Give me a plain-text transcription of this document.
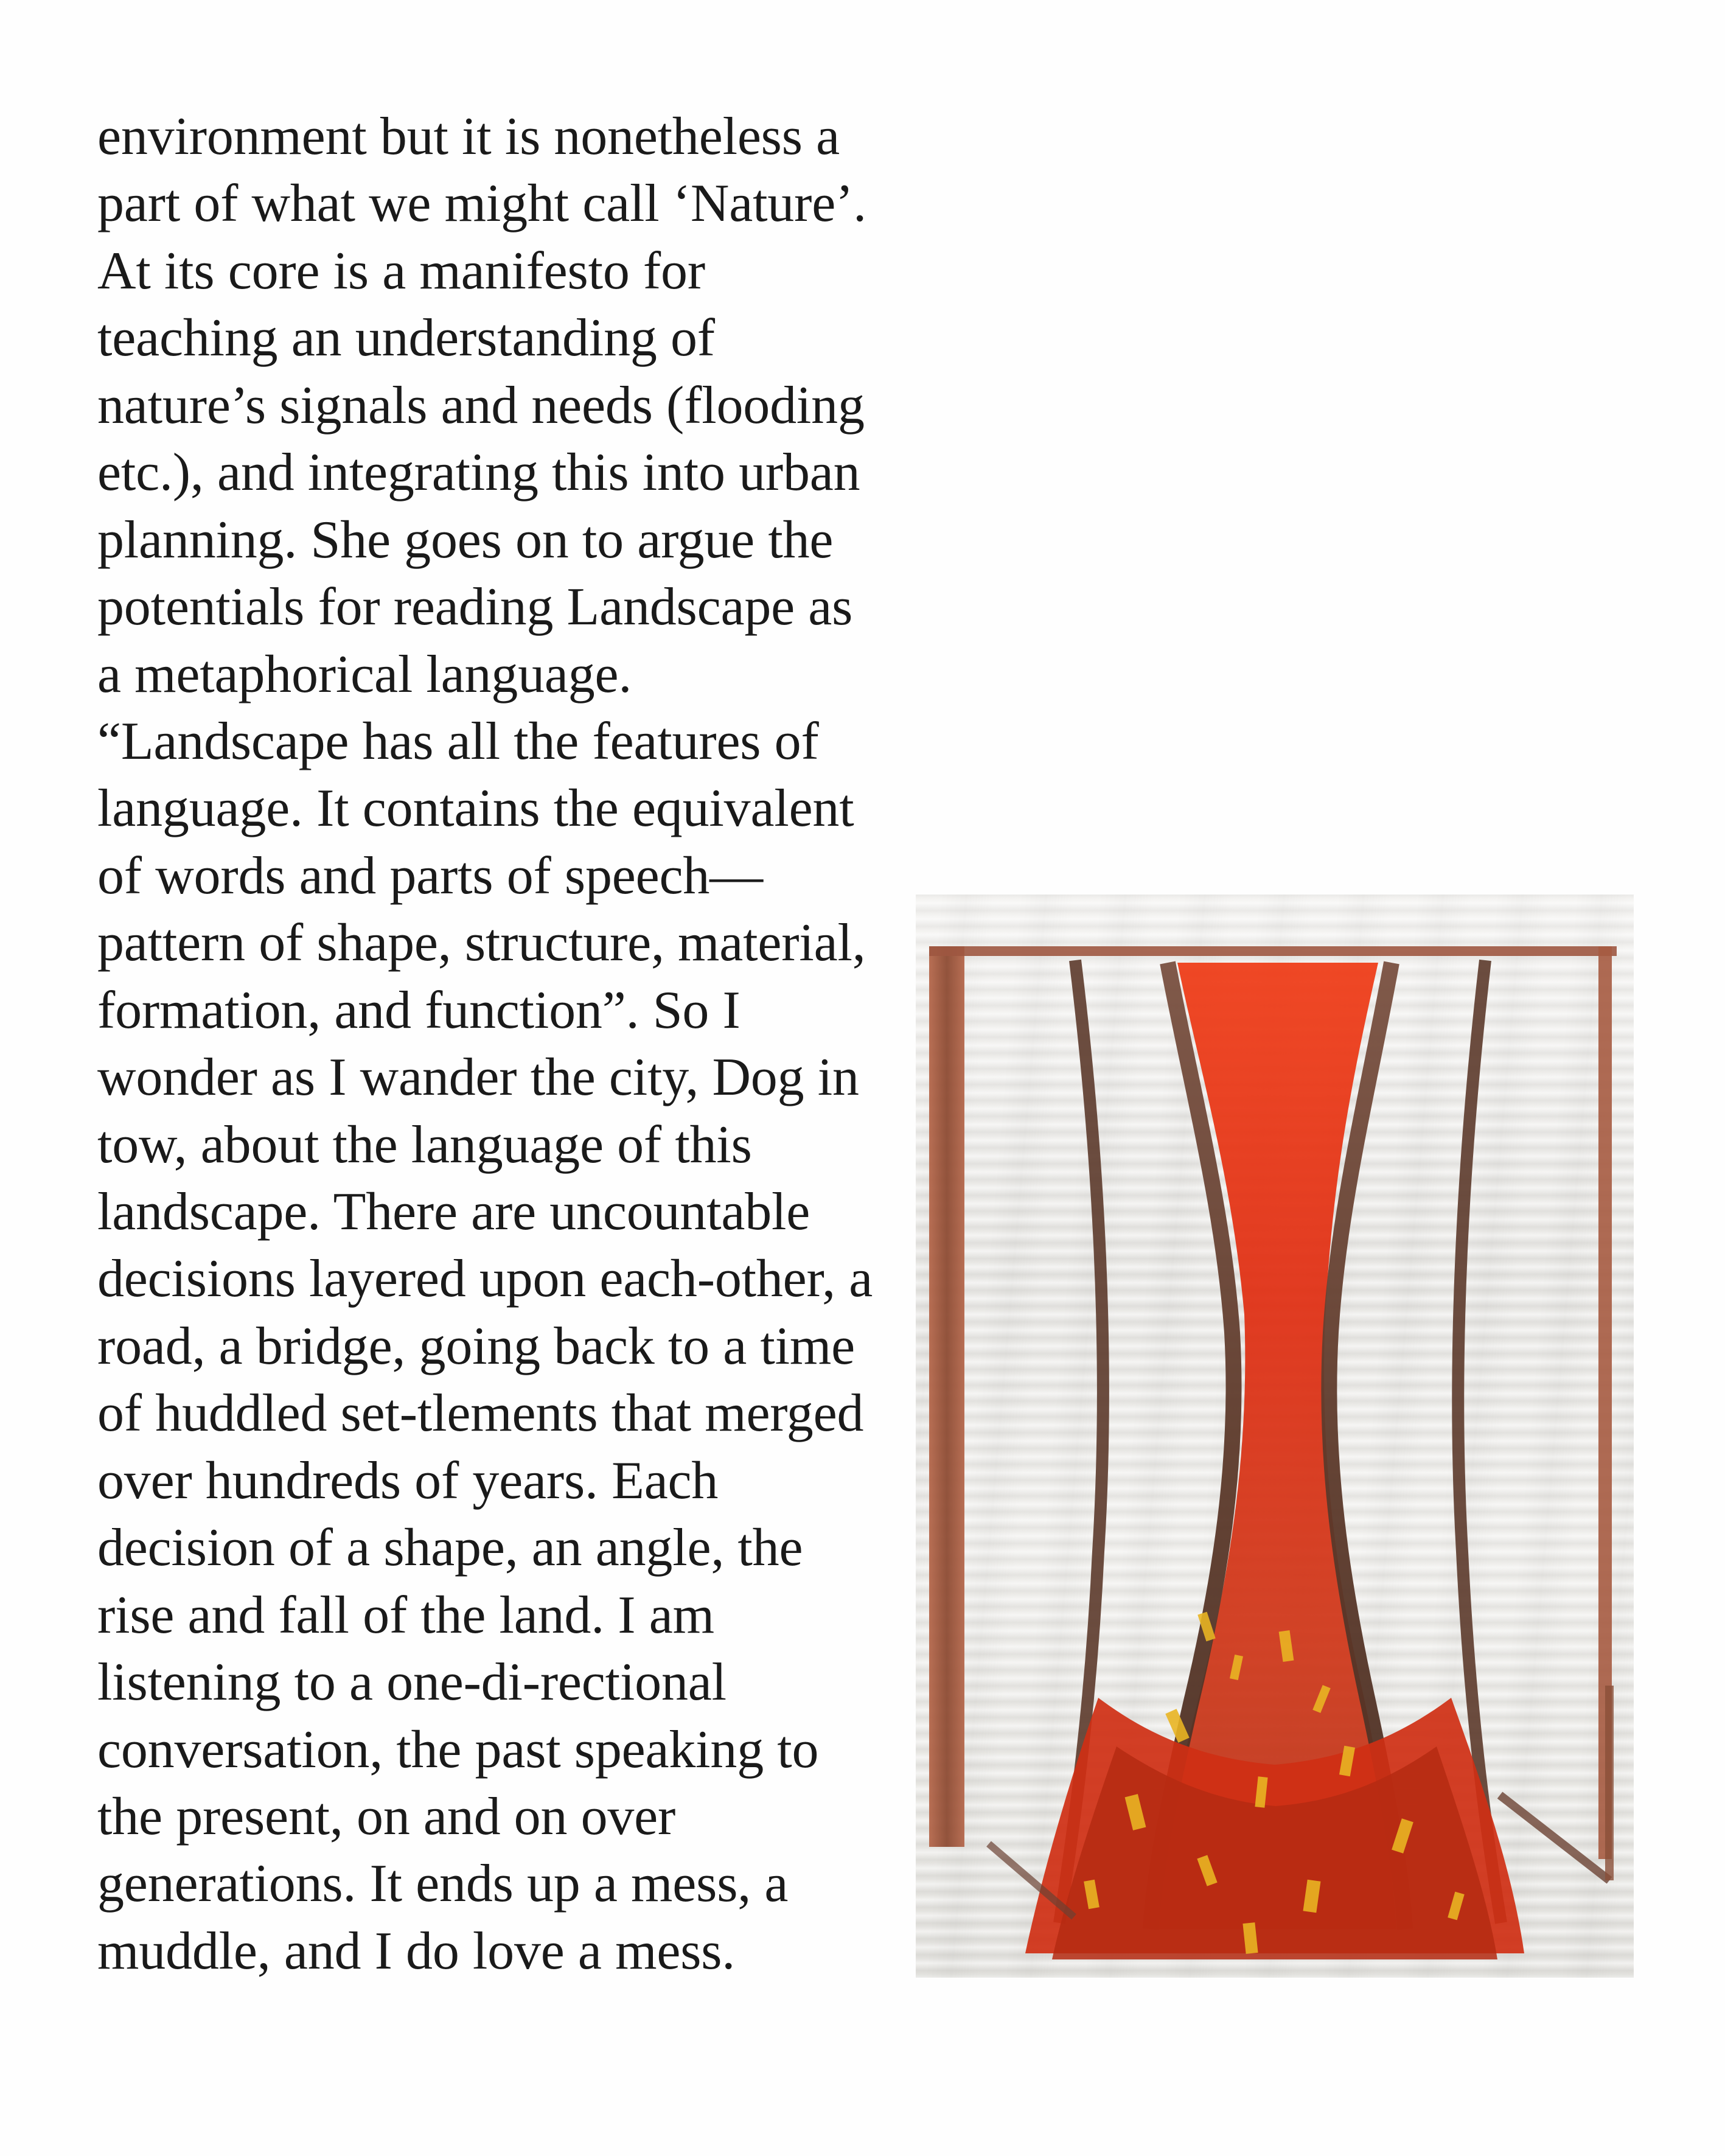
environment but it is nonetheless a part of what we might call ‘Nature’. At its core is a manifesto for teaching an understanding of nature’s signals and needs (flooding etc.), and integrating this into urban planning. She goes on to argue the potentials for reading Landscape as a metaphorical language. “Landscape has all the features of language. It contains the equivalent of words and parts of speech— pattern of shape, structure, material, formation, and function”. So I wonder as I wander the city, Dog in tow, about the language of this landscape. There are uncountable decisions layered upon each-other, a road, a bridge, going back to a time of huddled set-tlements that merged over hundreds of years. Each decision of a shape, an angle, the rise and fall of the land. I am listening to a one-di-rectional conversation, the past speaking to the present, on and on over generations. It ends up a mess, a muddle, and I do love a mess.
